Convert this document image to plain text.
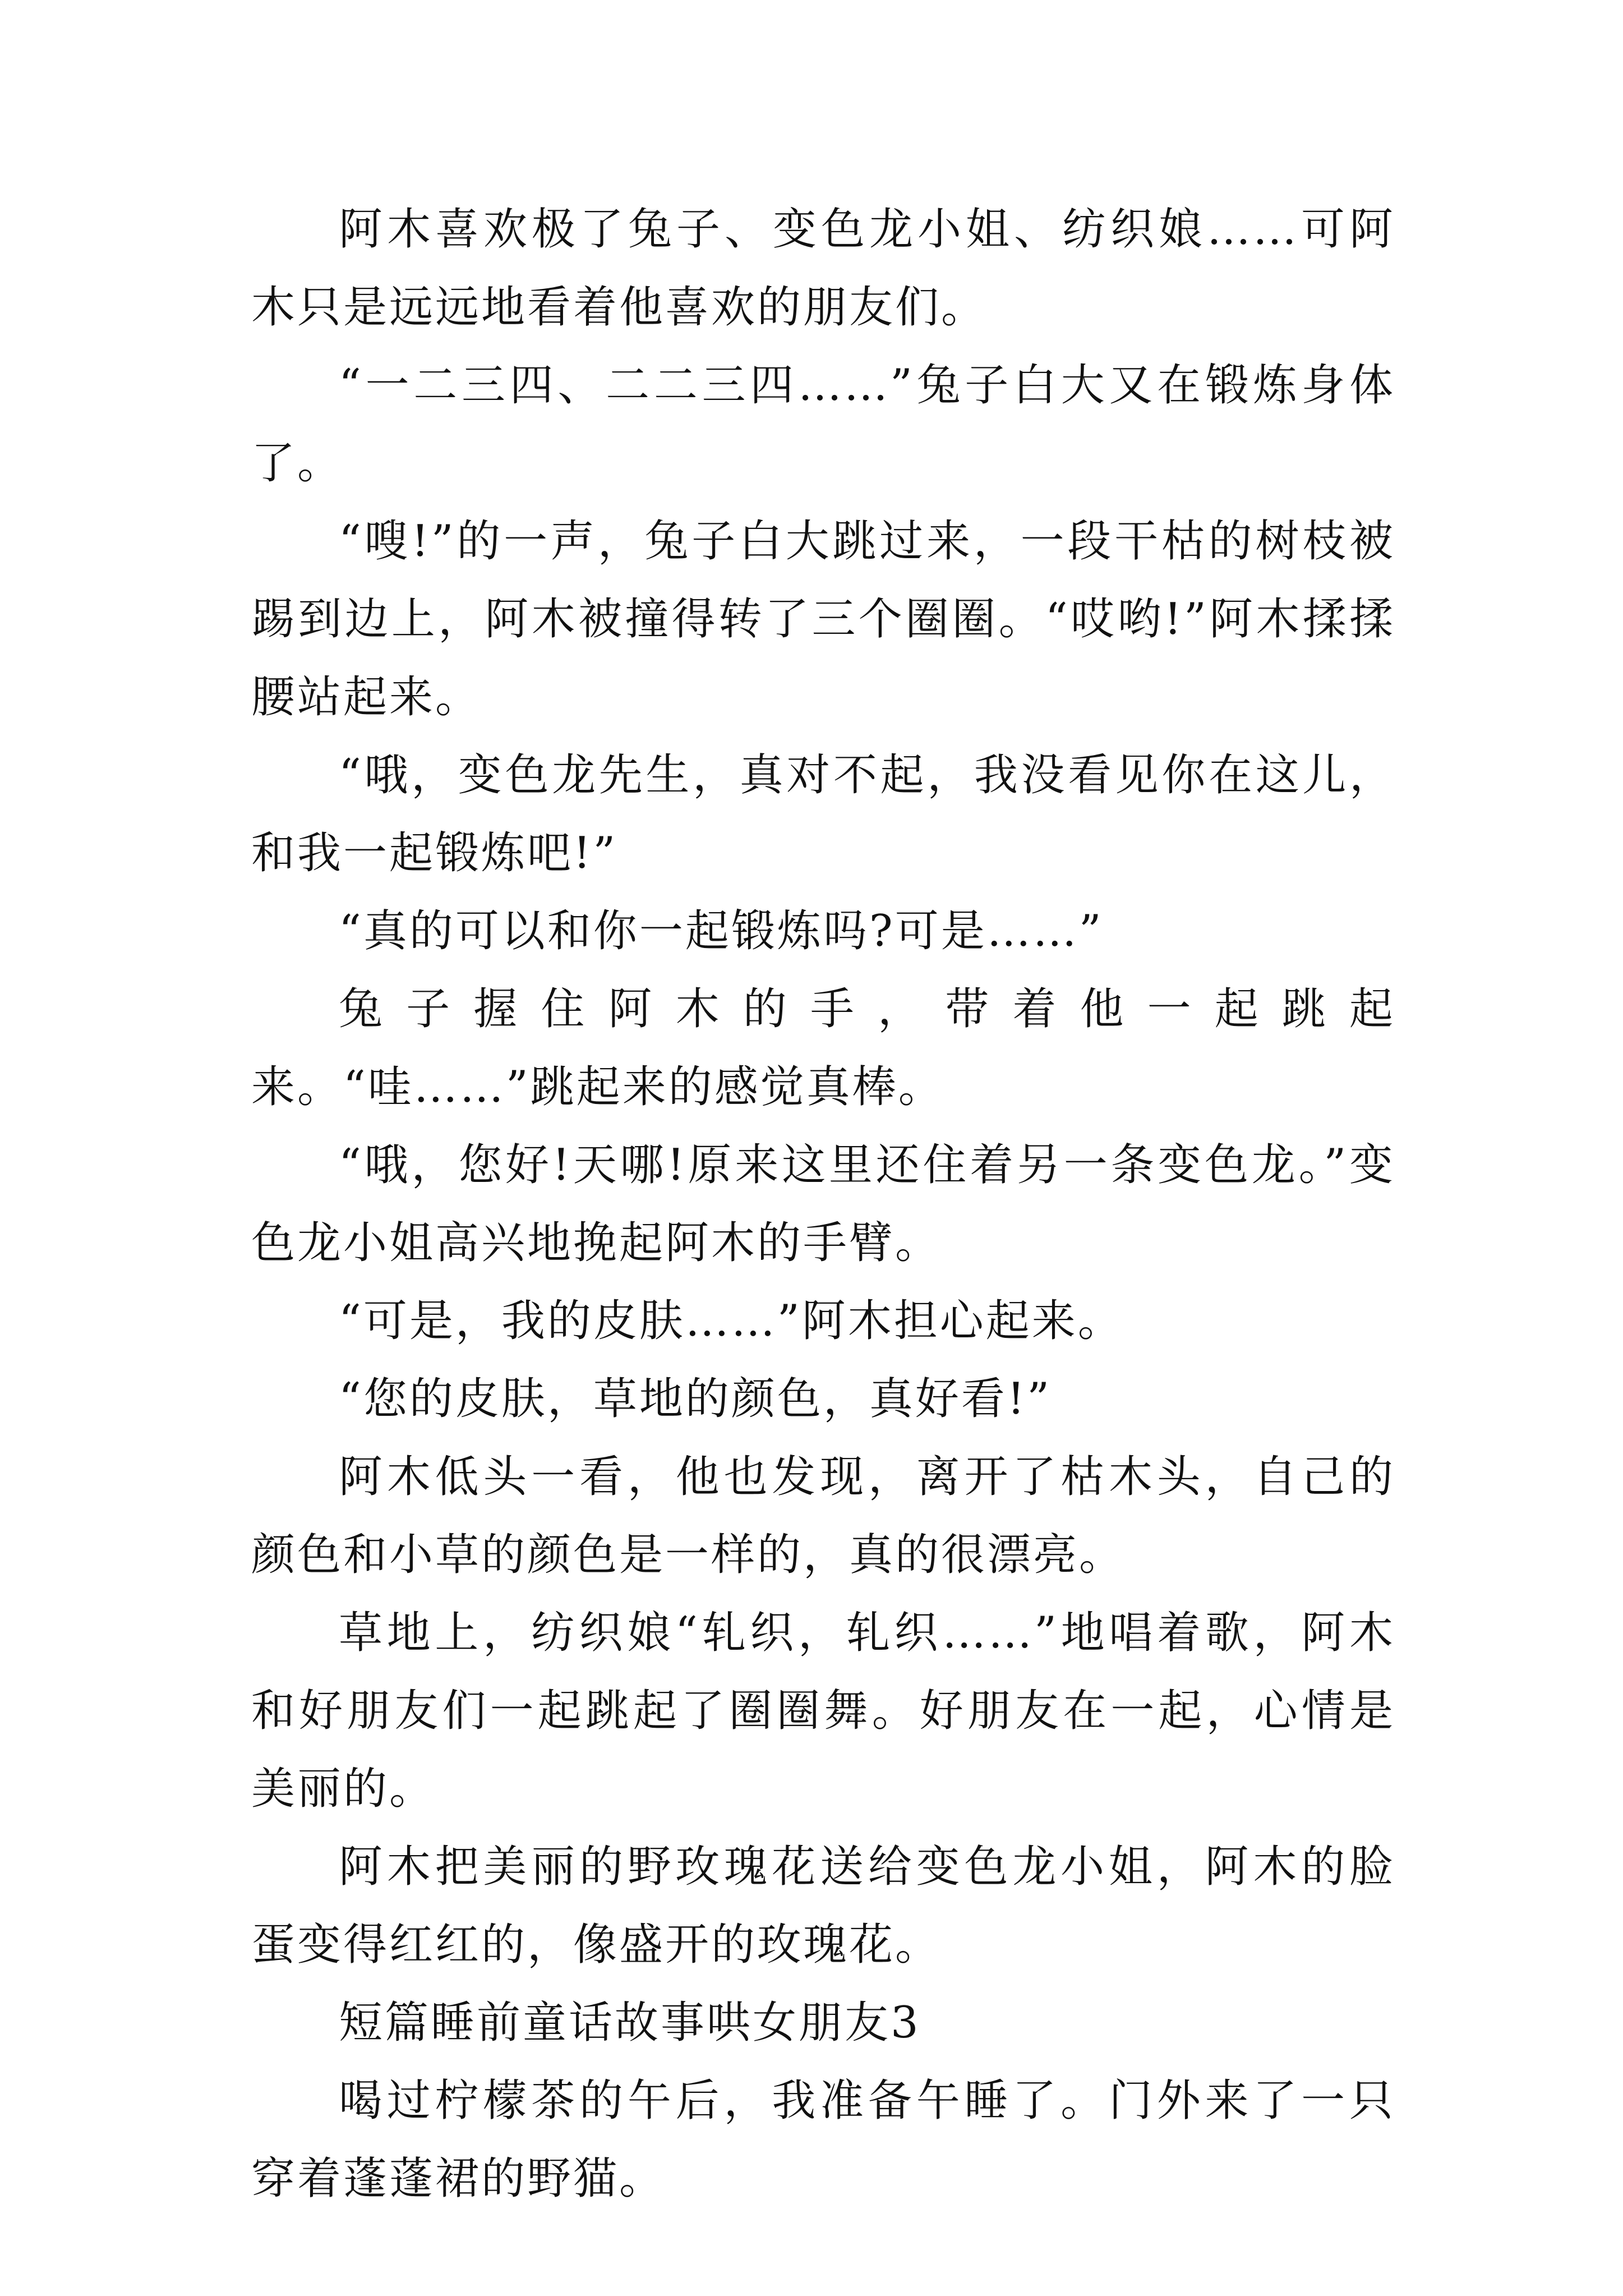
阿木喜欢极了兔子、变色龙小姐、纺织娘……可阿木只是远远地看着他喜欢的朋友们。

“一二三四、二二三四……”兔子白大又在锻炼身体了。

“嗖!”的一声，兔子白大跳过来，一段干枯的树枝被踢到边上，阿木被撞得转了三个圈圈。“哎哟!”阿木揉揉腰站起来。

“哦，变色龙先生，真对不起，我没看见你在这儿，和我一起锻炼吧!”

“真的可以和你一起锻炼吗?可是……”

兔子握住阿木的手，带着他一起跳起来。“哇……”跳起来的感觉真棒。

“哦，您好!天哪!原来这里还住着另一条变色龙。”变色龙小姐高兴地挽起阿木的手臂。

“可是，我的皮肤……”阿木担心起来。

“您的皮肤，草地的颜色，真好看!”

阿木低头一看，他也发现，离开了枯木头，自己的颜色和小草的颜色是一样的，真的很漂亮。

草地上，纺织娘“轧织，轧织……”地唱着歌，阿木和好朋友们一起跳起了圈圈舞。好朋友在一起，心情是美丽的。

阿木把美丽的野玫瑰花送给变色龙小姐，阿木的脸蛋变得红红的，像盛开的玫瑰花。

短篇睡前童话故事哄女朋友3

喝过柠檬茶的午后，我准备午睡了。门外来了一只穿着蓬蓬裙的野猫。
